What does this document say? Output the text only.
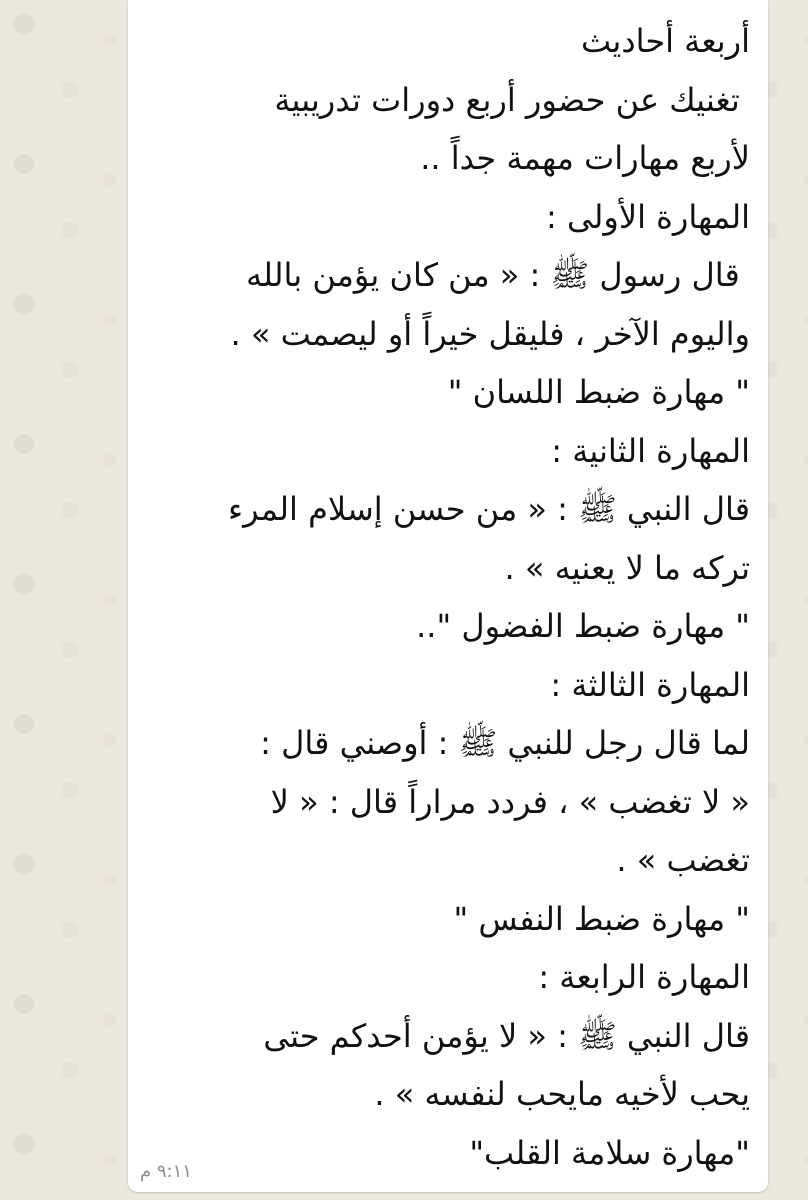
أربعة أحاديث
تغنيك عن حضور أربع دورات تدريبية
لأربع مهارات مهمة جداً ..
المهارة الأولى :
قال رسول ﷺ : « من كان يؤمن بالله
واليوم الآخر ، فليقل خيراً أو ليصمت » .
" مهارة ضبط اللسان "
المهارة الثانية :
قال النبي ﷺ : « من حسن إسلام المرء
تركه ما لا يعنيه » .
" مهارة ضبط الفضول "..
المهارة الثالثة :
لما قال رجل للنبي ﷺ : أوصني قال :
« لا تغضب » ، فردد مراراً قال : « لا
تغضب » .
" مهارة ضبط النفس "
المهارة الرابعة :
قال النبي ﷺ : « لا يؤمن أحدكم حتى
يحب لأخيه مايحب لنفسه » .
"مهارة سلامة القلب"

٩:١١ م
